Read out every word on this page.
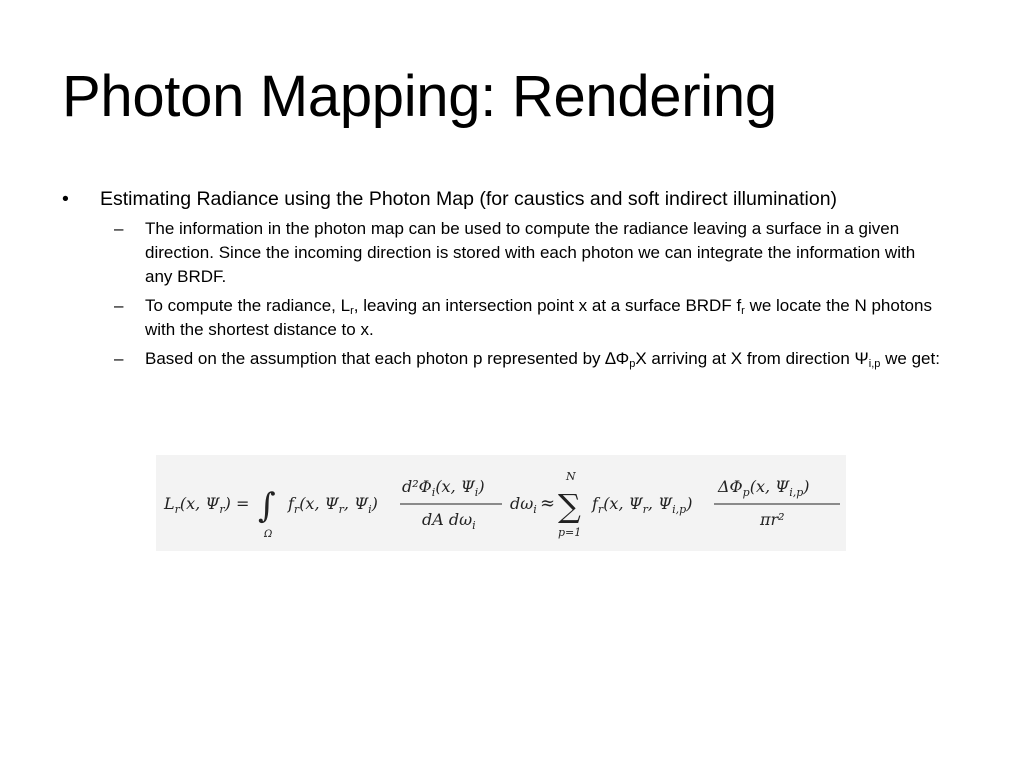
Photon Mapping: Rendering
• Estimating Radiance using the Photon Map (for caustics and soft indirect illumination)
– The information in the photon map can be used to compute the radiance leaving a surface in a given direction. Since the incoming direction is stored with each photon we can integrate the information with any BRDF.
– To compute the radiance, $L_r$, leaving an intersection point x at a surface BRDF $f_r$ we locate the N photons with the shortest distance to x.
– Based on the assumption that each photon p represented by $\Delta\Phi_pX$ arriving at X from direction $\Psi_{i,p}$ we get:
$L_r(x$, $\Psi_r$) = ∫
Ω
$f_r(x$, $\Psi_r$, $\Psi_i$)
$d^2\Phi_i(x$, $\Psi_i$)
dA $d\omega_i$
$d\omega_i$ ≈ ∑
N
p=1
$f_r(x$, $\Psi_r$, $\Psi_{i,p}$)
$\Delta\Phi_p(x$, $\Psi_{i,p}$)
πr²
